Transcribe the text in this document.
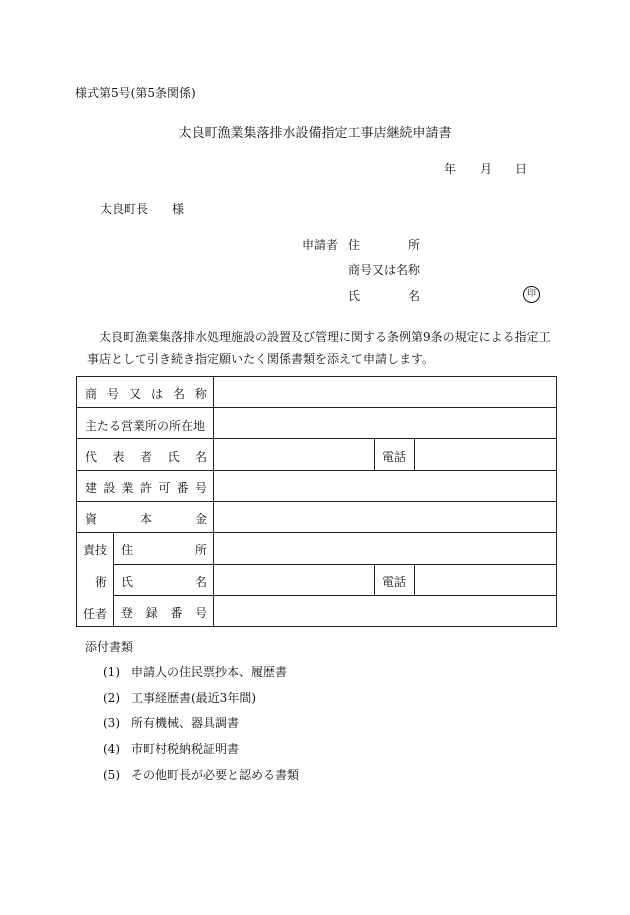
様式第5号(第5条関係)
太良町漁業集落排水設備指定工事店継続申請書
年 月 日
太良町長 様
申請者 住	所
商号又は名称
氏	名	印
太良町漁業集落排水処理施設の設置及び管理に関する条例第9条の規定による指定工事店として引き続き指定願いたく関係書類を添えて申請します。
商 号 又 は 名 称
主たる営業所の所在地
代 表 者 氏 名	電話
建 設 業 許 可 番 号
資	本	金
責技
術
任者
住	所
氏	名	電話
登 録 番 号
添付書類
(1) 申請人の住民票抄本、履歴書
(2) 工事経歴書(最近3年間)
(3) 所有機械、器具調書
(4) 市町村税納税証明書
(5) その他町長が必要と認める書類
